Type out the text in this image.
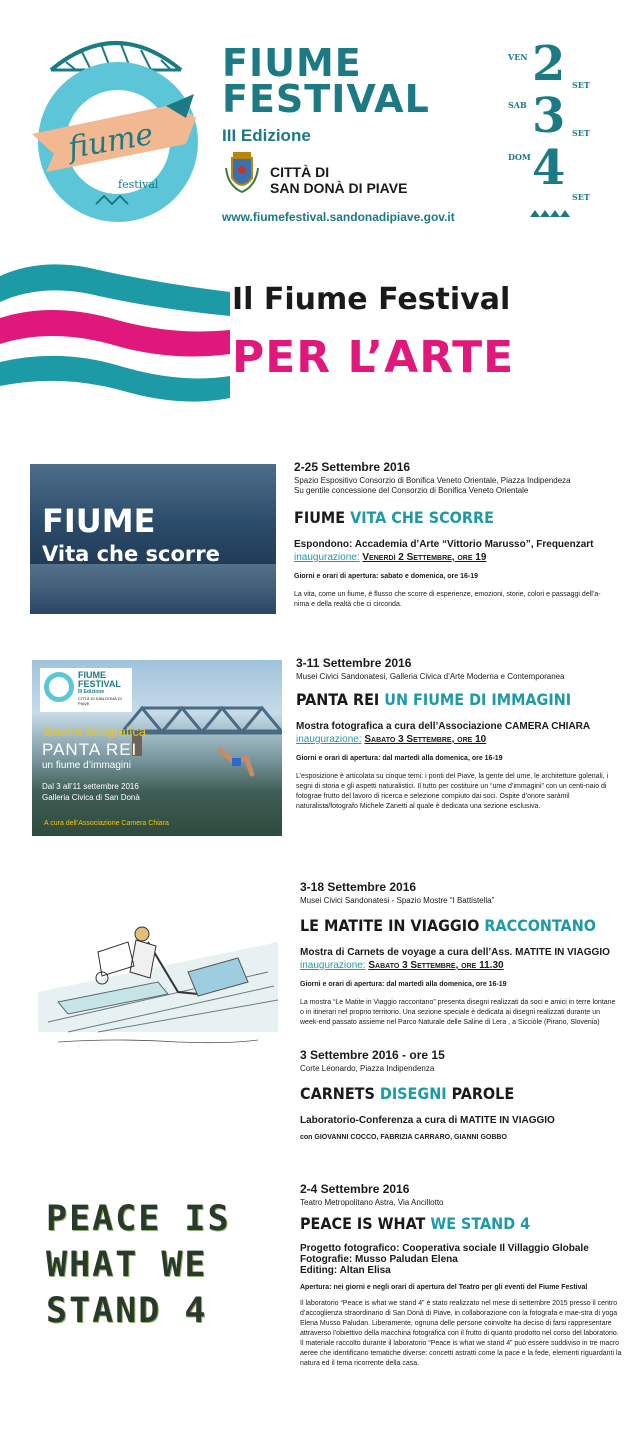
fiume
festival
FIUME
FESTIVAL
III Edizione
CITTÀ DI
SAN DONÀ DI PIAVE
www.fiumefestival.sandonadipiave.gov.it
VEN 2 SET
SAB 3 SET
DOM 4
SET
Il Fiume Festival
PER L’ARTE
FIUME
Vita che scorre
2-25 Settembre 2016
Spazio Espositivo Consorzio di Bonifica Veneto Orientale, Piazza Indipendeza
Su gentile concessione del Consorzio di Bonifica Veneto Orientale
FIUME VITA CHE SCORRE
Espondono: Accademia d’Arte “Vittorio Marusso”, Frequenzart
inaugurazione: Venerdì 2 Settembre, ore 19
Giorni e orari di apertura: sabato e domenica, ore 16-19
La vita, come un fiume, è flusso che scorre di esperienze, emozioni, storie, colori e passaggi dell’a-nima e della realtà che ci circonda.
FIUME
FESTIVAL
III Edizione
CITTÀ DI SAN DONÀ DI PIAVE
Mostra fotografica
PANTA REI
un fiume d’immagini
Dal 3 all’11 settembre 2016
Galleria Civica di San Donà
A cura dell’Associazione Camera Chiara
3-11 Settembre 2016
Musei Civici Sandonatesi, Galleria Civica d’Arte Moderna e Contemporanea
PANTA REI UN FIUME DI IMMAGINI
Mostra fotografica a cura dell’Associazione CAMERA CHIARA
inaugurazione: Sabato 3 Settembre, ore 10
Giorni e orari di apertura: dal martedì alla domenica, ore 16-19
L’esposizione è articolata su cinque temi: i ponti del Piave, la gente del ume, le architetture golenali, i segni di storia e gli aspetti naturalistici. Il tutto per costituire un “ume d’immagini” con un centi-naio di fotograe frutto del lavoro di ricerca e selezione compiuto dai soci. Ospite d’onore saràmil naturalista/fotografo Michele Zanetti al quale è dedicata una sezione esclusiva.
3-18 Settembre 2016
Musei Civici Sandonatesi - Spazio Mostre “I Battistella”
LE MATITE IN VIAGGIO RACCONTANO
Mostra di Carnets de voyage a cura dell’Ass. MATITE IN VIAGGIO
inaugurazione: Sabato 3 Settembre, ore 11.30
Giorni e orari di apertura: dal martedì alla domenica, ore 16-19
La mostra “Le Matite in Viaggio raccontano” presenta disegni realizzati da soci e amici in terre lontane o in itinerari nel proprio territorio. Una sezione speciale è dedicata ai disegni realizzati durante un week-end passato assieme nel Parco Naturale delle Saline di Lera , a Sicciòle (Pirano, Slovenia)
3 Settembre 2016 - ore 15
Corte Leonardo, Piazza Indipendenza
CARNETS DISEGNI PAROLE
Laboratorio-Conferenza a cura di MATITE IN VIAGGIO
con GIOVANNI COCCO, FABRIZIA CARRARO, GIANNI GOBBO
PEACE IS
WHAT WE
STAND 4
2-4 Settembre 2016
Teatro Metropolitano Astra, Via Ancillotto
PEACE IS WHAT WE STAND 4
Progetto fotografico: Cooperativa sociale Il Villaggio Globale
Fotografie: Musso Paludan Elena
Editing: Altan Elisa
Apertura: nei giorni e negli orari di apertura del Teatro per gli eventi del Fiume Festival
Il laboratorio “Peace is what we stand 4” è stato realizzato nel mese di settembre 2015 presso il centro d’accoglienza straordinario di San Donà di Piave, in collaborazione con la fotografa e mae-stra di yoga Elena Musso Paludan. Liberamente, ognuna delle persone coinvolte ha deciso di farsi rappresentare attraverso l’obiettivo della macchina fotografica con il frutto di quanto prodotto nel corso del laboratorio. Il materiale raccolto durante il laboratorio “Peace is what we stand 4” può essere suddiviso in tre macro aeree che identificano tematiche diverse: concetti astratti come la pace e la fede, elementi riguardanti la natura ed il tema ricorrente della casa.
